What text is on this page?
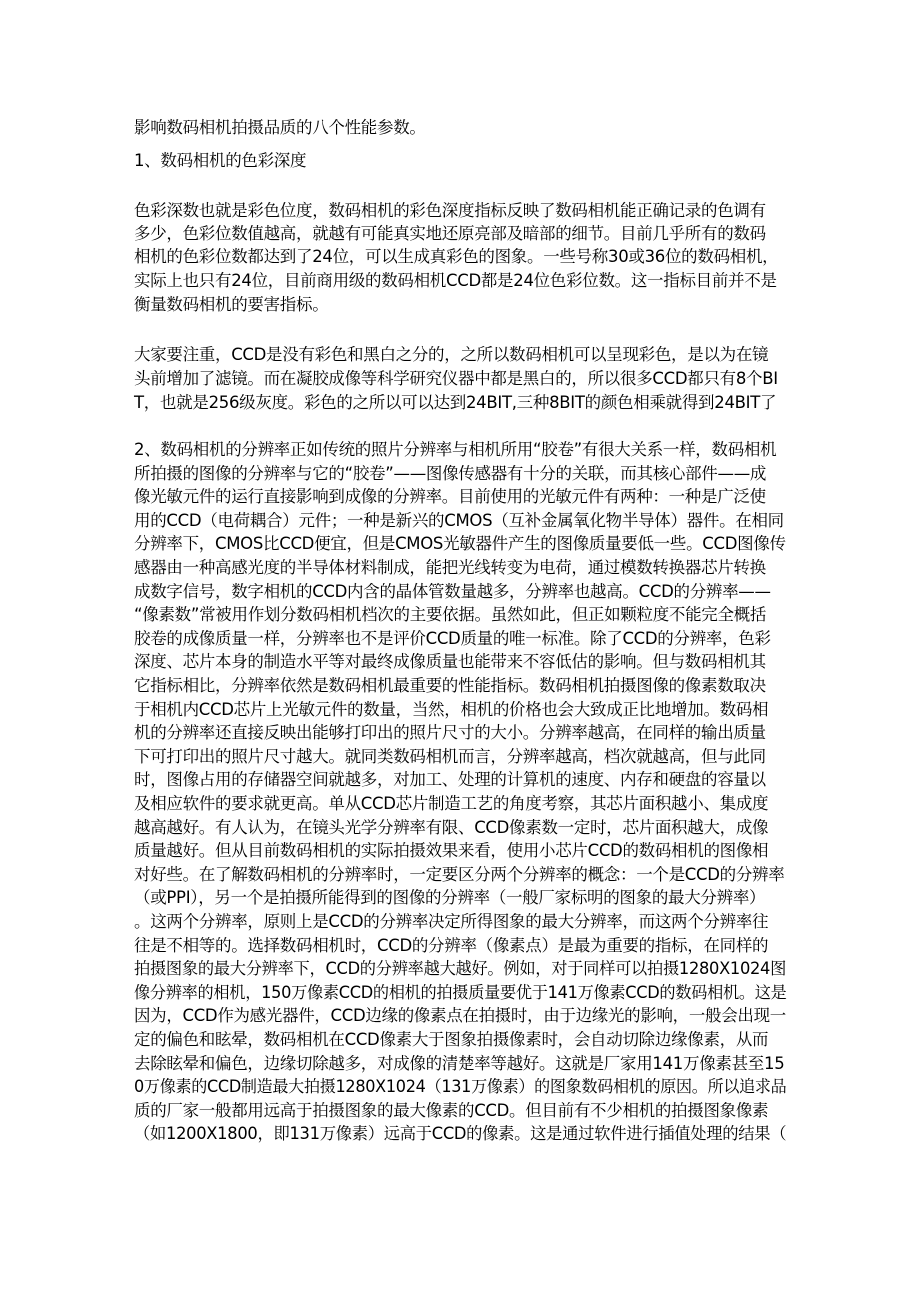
影响数码相机拍摄品质的八个性能参数。
1、数码相机的色彩深度
色彩深数也就是彩色位度，数码相机的彩色深度指标反映了数码相机能正确记录的色调有
多少，色彩位数值越高，就越有可能真实地还原亮部及暗部的细节。目前几乎所有的数码
相机的色彩位数都达到了24位，可以生成真彩色的图象。一些号称30或36位的数码相机，
实际上也只有24位，目前商用级的数码相机CCD都是24位色彩位数。这一指标目前并不是
衡量数码相机的要害指标。
大家要注重，CCD是没有彩色和黑白之分的，之所以数码相机可以呈现彩色，是以为在镜
头前增加了滤镜。而在凝胶成像等科学研究仪器中都是黑白的，所以很多CCD都只有8个BI
T，也就是256级灰度。彩色的之所以可以达到24BIT,三种8BIT的颜色相乘就得到24BIT了
2、数码相机的分辨率正如传统的照片分辨率与相机所用“胶卷”有很大关系一样，数码相机
所拍摄的图像的分辨率与它的“胶卷”——图像传感器有十分的关联，而其核心部件——成
像光敏元件的运行直接影响到成像的分辨率。目前使用的光敏元件有两种：一种是广泛使
用的CCD（电荷耦合）元件；一种是新兴的CMOS（互补金属氧化物半导体）器件。在相同
分辨率下，CMOS比CCD便宜，但是CMOS光敏器件产生的图像质量要低一些。CCD图像传
感器由一种高感光度的半导体材料制成，能把光线转变为电荷，通过模数转换器芯片转换
成数字信号，数字相机的CCD内含的晶体管数量越多，分辨率也越高。CCD的分辨率——
“像素数”常被用作划分数码相机档次的主要依据。虽然如此，但正如颗粒度不能完全概括
胶卷的成像质量一样，分辨率也不是评价CCD质量的唯一标准。除了CCD的分辨率，色彩
深度、芯片本身的制造水平等对最终成像质量也能带来不容低估的影响。但与数码相机其
它指标相比，分辨率依然是数码相机最重要的性能指标。数码相机拍摄图像的像素数取决
于相机内CCD芯片上光敏元件的数量，当然，相机的价格也会大致成正比地增加。数码相
机的分辨率还直接反映出能够打印出的照片尺寸的大小。分辨率越高，在同样的输出质量
下可打印出的照片尺寸越大。就同类数码相机而言，分辨率越高，档次就越高，但与此同
时，图像占用的存储器空间就越多，对加工、处理的计算机的速度、内存和硬盘的容量以
及相应软件的要求就更高。单从CCD芯片制造工艺的角度考察，其芯片面积越小、集成度
越高越好。有人认为，在镜头光学分辨率有限、CCD像素数一定时，芯片面积越大，成像
质量越好。但从目前数码相机的实际拍摄效果来看，使用小芯片CCD的数码相机的图像相
对好些。在了解数码相机的分辨率时，一定要区分两个分辨率的概念：一个是CCD的分辨率
（或PPI），另一个是拍摄所能得到的图像的分辨率（一般厂家标明的图象的最大分辨率）
。这两个分辨率，原则上是CCD的分辨率决定所得图象的最大分辨率，而这两个分辨率往
往是不相等的。选择数码相机时，CCD的分辨率（像素点）是最为重要的指标，在同样的
拍摄图象的最大分辨率下，CCD的分辨率越大越好。例如，对于同样可以拍摄1280X1024图
像分辨率的相机，150万像素CCD的相机的拍摄质量要优于141万像素CCD的数码相机。这是
因为，CCD作为感光器件，CCD边缘的像素点在拍摄时，由于边缘光的影响，一般会出现一
定的偏色和眩晕，数码相机在CCD像素大于图象拍摄像素时，会自动切除边缘像素，从而
去除眩晕和偏色，边缘切除越多，对成像的清楚率等越好。这就是厂家用141万像素甚至15
0万像素的CCD制造最大拍摄1280X1024（131万像素）的图象数码相机的原因。所以追求品
质的厂家一般都用远高于拍摄图象的最大像素的CCD。但目前有不少相机的拍摄图象像素
（如1200X1800，即131万像素）远高于CCD的像素。这是通过软件进行插值处理的结果（
